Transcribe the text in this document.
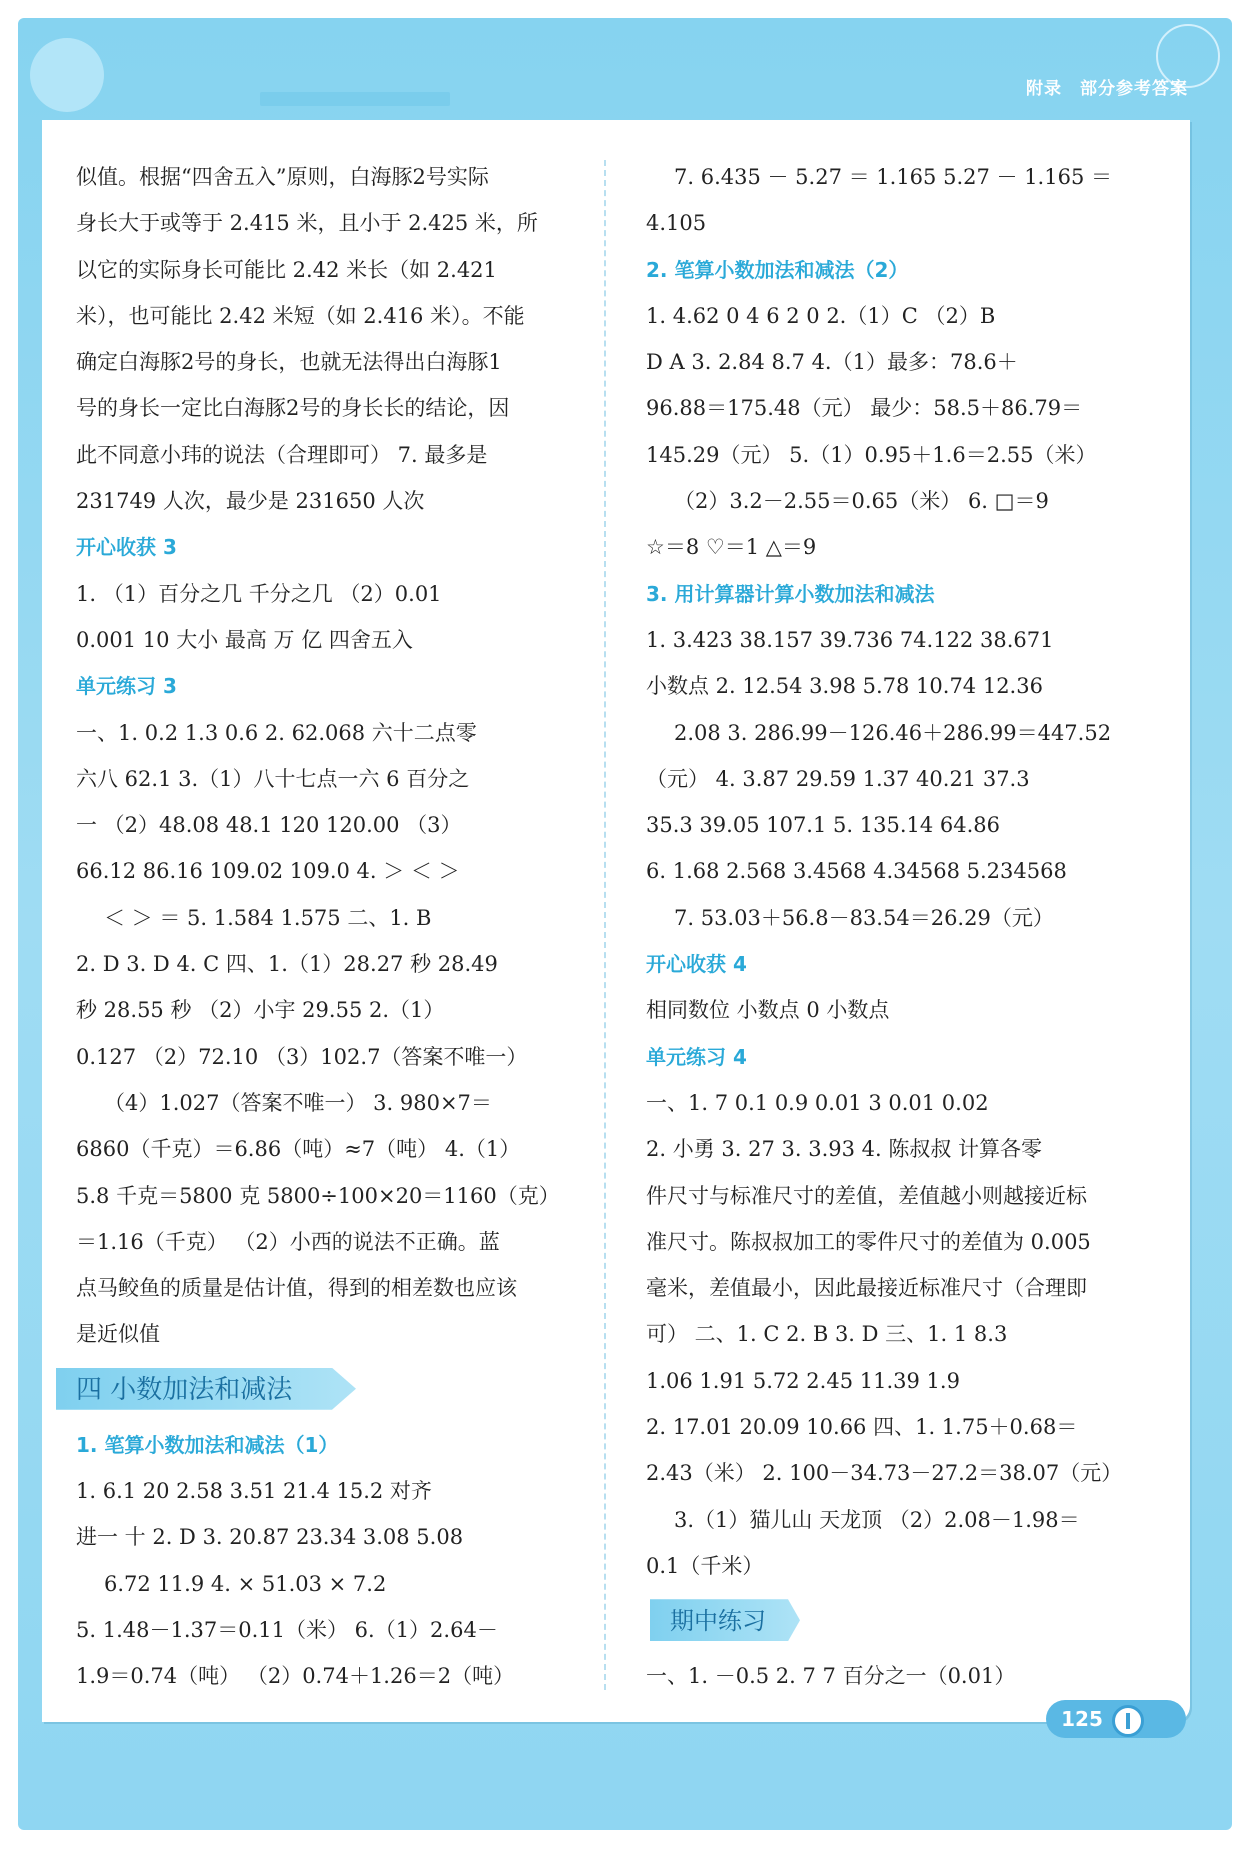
附录 部分参考答案
似值。根据“四舍五入”原则，白海豚2号实际
身长大于或等于 2.415 米，且小于 2.425 米，所
以它的实际身长可能比 2.42 米长（如 2.421
米），也可能比 2.42 米短（如 2.416 米）。不能
确定白海豚2号的身长，也就无法得出白海豚1
号的身长一定比白海豚2号的身长长的结论，因
此不同意小玮的说法（合理即可） 7. 最多是
231749 人次，最少是 231650 人次
开心收获 3
1. （1）百分之几 千分之几 （2）0.01
0.001 10 大小 最高 万 亿 四舍五入
单元练习 3
一、1. 0.2 1.3 0.6 2. 62.068 六十二点零
六八 62.1 3.（1）八十七点一六 6 百分之
一 （2）48.08 48.1 120 120.00 （3）
66.12 86.16 109.02 109.0 4. ＞ ＜ ＞
＜ ＞ ＝ 5. 1.584 1.575 二、1. B
2. D 3. D 4. C 四、1.（1）28.27 秒 28.49
秒 28.55 秒 （2）小宇 29.55 2.（1）
0.127 （2）72.10 （3）102.7（答案不唯一）
（4）1.027（答案不唯一） 3. 980×7＝
6860（千克）＝6.86（吨）≈7（吨） 4.（1）
5.8 千克＝5800 克 5800÷100×20＝1160（克）
＝1.16（千克） （2）小西的说法不正确。蓝
点马鲛鱼的质量是估计值，得到的相差数也应该
是近似值
四 小数加法和减法
1. 笔算小数加法和减法（1）
1. 6.1 20 2.58 3.51 21.4 15.2 对齐
进一 十 2. D 3. 20.87 23.34 3.08 5.08
6.72 11.9 4. × 51.03 × 7.2
5. 1.48－1.37＝0.11（米） 6.（1）2.64－
1.9＝0.74（吨） （2）0.74＋1.26＝2（吨）
7. 6.435 － 5.27 ＝ 1.165 5.27 － 1.165 ＝
4.105
2. 笔算小数加法和减法（2）
1. 4.62 0 4 6 2 0 2.（1）C （2）B
D A 3. 2.84 8.7 4.（1）最多：78.6＋
96.88＝175.48（元） 最少：58.5＋86.79＝
145.29（元） 5.（1）0.95＋1.6＝2.55（米）
（2）3.2－2.55＝0.65（米） 6. □＝9
☆＝8 ♡＝1 △＝9
3. 用计算器计算小数加法和减法
1. 3.423 38.157 39.736 74.122 38.671
小数点 2. 12.54 3.98 5.78 10.74 12.36
2.08 3. 286.99－126.46＋286.99＝447.52
（元） 4. 3.87 29.59 1.37 40.21 37.3
35.3 39.05 107.1 5. 135.14 64.86
6. 1.68 2.568 3.4568 4.34568 5.234568
7. 53.03＋56.8－83.54＝26.29（元）
开心收获 4
相同数位 小数点 0 小数点
单元练习 4
一、1. 7 0.1 0.9 0.01 3 0.01 0.02
2. 小勇 3. 27 3. 3.93 4. 陈叔叔 计算各零
件尺寸与标准尺寸的差值，差值越小则越接近标
准尺寸。陈叔叔加工的零件尺寸的差值为 0.005
毫米，差值最小，因此最接近标准尺寸（合理即
可） 二、1. C 2. B 3. D 三、1. 1 8.3
1.06 1.91 5.72 2.45 11.39 1.9
2. 17.01 20.09 10.66 四、1. 1.75＋0.68＝
2.43（米） 2. 100－34.73－27.2＝38.07（元）
3.（1）猫儿山 天龙顶 （2）2.08－1.98＝
0.1（千米）
期中练习
一、1. －0.5 2. 7 7 百分之一（0.01）
125
